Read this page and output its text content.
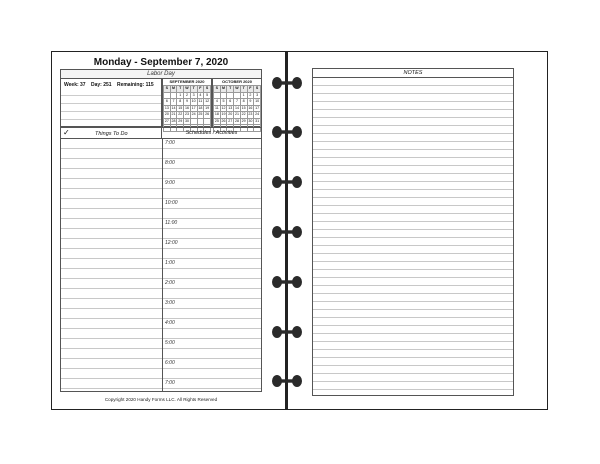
Monday - September 7, 2020
Labor Day
Week: 37 Day: 251 Remaining: 115
SEPTEMBER 2020
S	M	T	W	T	F	S
		1	2	3	4	5
6	7	8	9	10	11	12
13	14	15	16	17	18	19
20	21	22	23	24	25	26
27	28	29	30			

OCTOBER 2020
S	M	T	W	T	F	S
				1	2	3
4	5	6	7	8	9	10
11	12	13	14	15	16	17
18	19	20	21	22	23	24
25	26	27	28	29	30	31

✓	Things To Do	Schedules / Activities
7:00
8:00
9:00
10:00
11:00
12:00
1:00
2:00
3:00
4:00
5:00
6:00
7:00
Copyright 2020 Handy Forms LLC. All Rights Reserved
NOTES
